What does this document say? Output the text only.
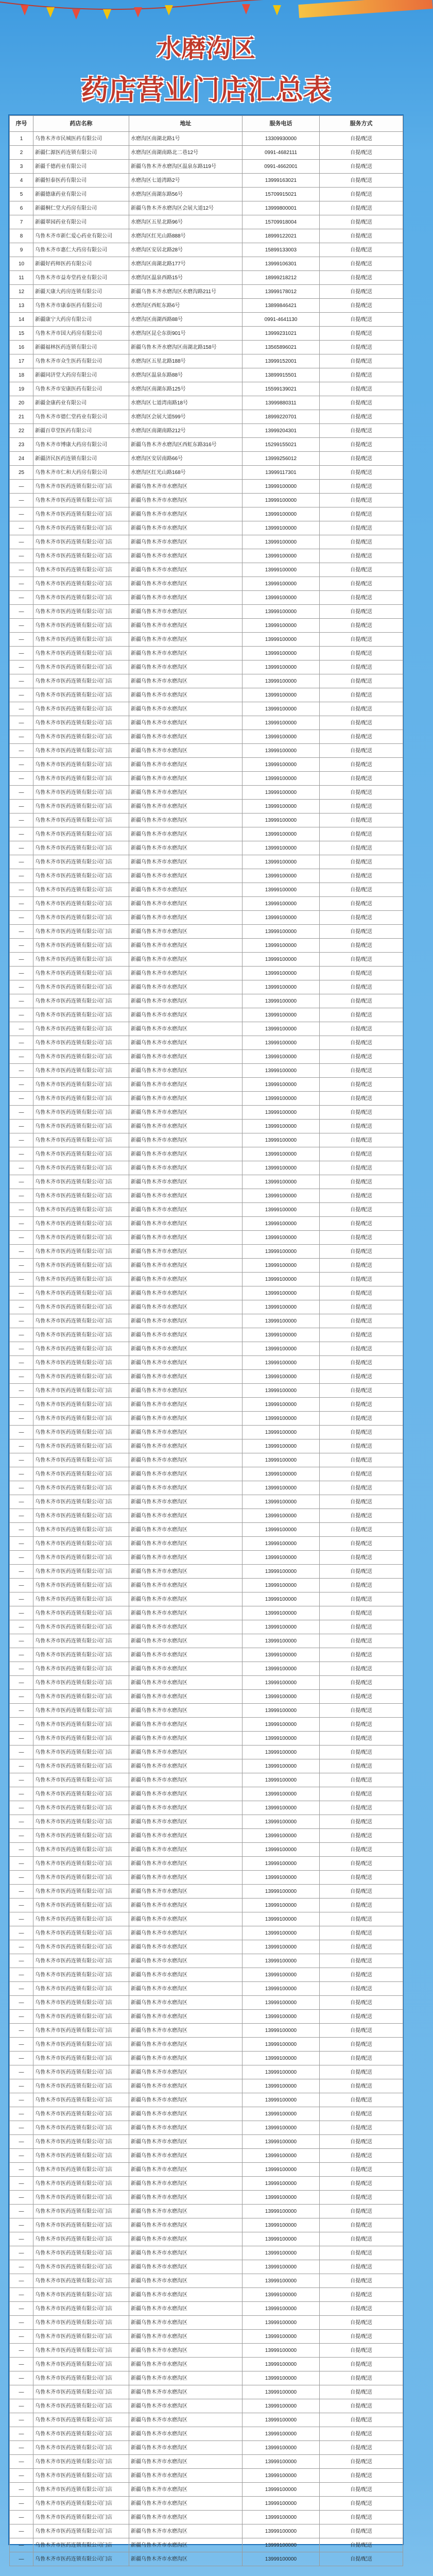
水磨沟区
药店营业门店汇总表
序号	药店名称	地址	服务电话	服务方式
1	乌鲁木齐市民城医药有限公司	水磨沟区南湖北路1号	13309930000	自提/配送
2	新疆仁源医药连锁有限公司	水磨沟区南湖南路北二巷12号	0991-4682111	自提/配送
3	新疆千德药业有限公司	新疆乌鲁木齐水磨沟区温泉东路119号	0991-4662001	自提/配送
4	新疆恒泰医药有限公司	水磨沟区七道湾路2号	13999163021	自提/配送
5	新疆德康药业有限公司	水磨沟区南湖东路56号	15709915021	自提/配送
6	新疆桐仁堂大药房有限公司	新疆乌鲁木齐水磨沟区会展大道12号	13999800001	自提/配送
7	新疆翠园药业有限公司	水磨沟区五星北路96号	15709918004	自提/配送
8	乌鲁木齐市新仁爱心药业有限公司	水磨沟区红光山路888号	18999122021	自提/配送
9	乌鲁木齐市惠仁大药房有限公司	水磨沟区安居北路28号	15899133003	自提/配送
10	新疆好药师医药有限公司	水磨沟区南湖北路177号	13999106301	自提/配送
11	乌鲁木齐市益寿堂药业有限公司	水磨沟区温泉西路15号	18999218212	自提/配送
12	新疆天康大药房连锁有限公司	新疆乌鲁木齐水磨沟区水磨沟路211号	13999178012	自提/配送
13	乌鲁木齐市康泰医药有限公司	水磨沟区西虹东路6号	13899846421	自提/配送
14	新疆康宁大药房有限公司	水磨沟区南湖西路88号	0991-4641130	自提/配送
15	乌鲁木齐市国大药房有限公司	水磨沟区昆仑东街901号	13999231021	自提/配送
16	新疆福林医药连锁有限公司	新疆乌鲁木齐水磨沟区南湖北路158号	13565896021	自提/配送
17	乌鲁木齐市众生医药有限公司	水磨沟区五星北路188号	13999152001	自提/配送
18	新疆同济堂大药房有限公司	水磨沟区温泉东路88号	13899915501	自提/配送
19	乌鲁木齐市安康医药有限公司	水磨沟区南湖东路125号	15599139021	自提/配送
20	新疆金康药业有限公司	水磨沟区七道湾南路18号	13999880311	自提/配送
21	乌鲁木齐市德仁堂药业有限公司	水磨沟区会展大道599号	18999220701	自提/配送
22	新疆百草堂医药有限公司	水磨沟区南湖南路212号	13999204301	自提/配送
23	乌鲁木齐市博康大药房有限公司	新疆乌鲁木齐水磨沟区西虹东路316号	15299155021	自提/配送
24	新疆济民医药连锁有限公司	水磨沟区安居南路66号	13999256012	自提/配送
25	乌鲁木齐市仁和大药房有限公司	水磨沟区红光山路168号	13999117301	自提/配送
—	乌鲁木齐市医药连锁有限公司门店	新疆乌鲁木齐市水磨沟区	13999100000	自提/配送
—	乌鲁木齐市医药连锁有限公司门店	新疆乌鲁木齐市水磨沟区	13999100000	自提/配送
—	乌鲁木齐市医药连锁有限公司门店	新疆乌鲁木齐市水磨沟区	13999100000	自提/配送
—	乌鲁木齐市医药连锁有限公司门店	新疆乌鲁木齐市水磨沟区	13999100000	自提/配送
—	乌鲁木齐市医药连锁有限公司门店	新疆乌鲁木齐市水磨沟区	13999100000	自提/配送
—	乌鲁木齐市医药连锁有限公司门店	新疆乌鲁木齐市水磨沟区	13999100000	自提/配送
—	乌鲁木齐市医药连锁有限公司门店	新疆乌鲁木齐市水磨沟区	13999100000	自提/配送
—	乌鲁木齐市医药连锁有限公司门店	新疆乌鲁木齐市水磨沟区	13999100000	自提/配送
—	乌鲁木齐市医药连锁有限公司门店	新疆乌鲁木齐市水磨沟区	13999100000	自提/配送
—	乌鲁木齐市医药连锁有限公司门店	新疆乌鲁木齐市水磨沟区	13999100000	自提/配送
—	乌鲁木齐市医药连锁有限公司门店	新疆乌鲁木齐市水磨沟区	13999100000	自提/配送
—	乌鲁木齐市医药连锁有限公司门店	新疆乌鲁木齐市水磨沟区	13999100000	自提/配送
—	乌鲁木齐市医药连锁有限公司门店	新疆乌鲁木齐市水磨沟区	13999100000	自提/配送
—	乌鲁木齐市医药连锁有限公司门店	新疆乌鲁木齐市水磨沟区	13999100000	自提/配送
—	乌鲁木齐市医药连锁有限公司门店	新疆乌鲁木齐市水磨沟区	13999100000	自提/配送
—	乌鲁木齐市医药连锁有限公司门店	新疆乌鲁木齐市水磨沟区	13999100000	自提/配送
—	乌鲁木齐市医药连锁有限公司门店	新疆乌鲁木齐市水磨沟区	13999100000	自提/配送
—	乌鲁木齐市医药连锁有限公司门店	新疆乌鲁木齐市水磨沟区	13999100000	自提/配送
—	乌鲁木齐市医药连锁有限公司门店	新疆乌鲁木齐市水磨沟区	13999100000	自提/配送
—	乌鲁木齐市医药连锁有限公司门店	新疆乌鲁木齐市水磨沟区	13999100000	自提/配送
—	乌鲁木齐市医药连锁有限公司门店	新疆乌鲁木齐市水磨沟区	13999100000	自提/配送
—	乌鲁木齐市医药连锁有限公司门店	新疆乌鲁木齐市水磨沟区	13999100000	自提/配送
—	乌鲁木齐市医药连锁有限公司门店	新疆乌鲁木齐市水磨沟区	13999100000	自提/配送
—	乌鲁木齐市医药连锁有限公司门店	新疆乌鲁木齐市水磨沟区	13999100000	自提/配送
—	乌鲁木齐市医药连锁有限公司门店	新疆乌鲁木齐市水磨沟区	13999100000	自提/配送
—	乌鲁木齐市医药连锁有限公司门店	新疆乌鲁木齐市水磨沟区	13999100000	自提/配送
—	乌鲁木齐市医药连锁有限公司门店	新疆乌鲁木齐市水磨沟区	13999100000	自提/配送
—	乌鲁木齐市医药连锁有限公司门店	新疆乌鲁木齐市水磨沟区	13999100000	自提/配送
—	乌鲁木齐市医药连锁有限公司门店	新疆乌鲁木齐市水磨沟区	13999100000	自提/配送
—	乌鲁木齐市医药连锁有限公司门店	新疆乌鲁木齐市水磨沟区	13999100000	自提/配送
—	乌鲁木齐市医药连锁有限公司门店	新疆乌鲁木齐市水磨沟区	13999100000	自提/配送
—	乌鲁木齐市医药连锁有限公司门店	新疆乌鲁木齐市水磨沟区	13999100000	自提/配送
—	乌鲁木齐市医药连锁有限公司门店	新疆乌鲁木齐市水磨沟区	13999100000	自提/配送
—	乌鲁木齐市医药连锁有限公司门店	新疆乌鲁木齐市水磨沟区	13999100000	自提/配送
—	乌鲁木齐市医药连锁有限公司门店	新疆乌鲁木齐市水磨沟区	13999100000	自提/配送
—	乌鲁木齐市医药连锁有限公司门店	新疆乌鲁木齐市水磨沟区	13999100000	自提/配送
—	乌鲁木齐市医药连锁有限公司门店	新疆乌鲁木齐市水磨沟区	13999100000	自提/配送
—	乌鲁木齐市医药连锁有限公司门店	新疆乌鲁木齐市水磨沟区	13999100000	自提/配送
—	乌鲁木齐市医药连锁有限公司门店	新疆乌鲁木齐市水磨沟区	13999100000	自提/配送
—	乌鲁木齐市医药连锁有限公司门店	新疆乌鲁木齐市水磨沟区	13999100000	自提/配送
—	乌鲁木齐市医药连锁有限公司门店	新疆乌鲁木齐市水磨沟区	13999100000	自提/配送
—	乌鲁木齐市医药连锁有限公司门店	新疆乌鲁木齐市水磨沟区	13999100000	自提/配送
—	乌鲁木齐市医药连锁有限公司门店	新疆乌鲁木齐市水磨沟区	13999100000	自提/配送
—	乌鲁木齐市医药连锁有限公司门店	新疆乌鲁木齐市水磨沟区	13999100000	自提/配送
—	乌鲁木齐市医药连锁有限公司门店	新疆乌鲁木齐市水磨沟区	13999100000	自提/配送
—	乌鲁木齐市医药连锁有限公司门店	新疆乌鲁木齐市水磨沟区	13999100000	自提/配送
—	乌鲁木齐市医药连锁有限公司门店	新疆乌鲁木齐市水磨沟区	13999100000	自提/配送
—	乌鲁木齐市医药连锁有限公司门店	新疆乌鲁木齐市水磨沟区	13999100000	自提/配送
—	乌鲁木齐市医药连锁有限公司门店	新疆乌鲁木齐市水磨沟区	13999100000	自提/配送
—	乌鲁木齐市医药连锁有限公司门店	新疆乌鲁木齐市水磨沟区	13999100000	自提/配送
—	乌鲁木齐市医药连锁有限公司门店	新疆乌鲁木齐市水磨沟区	13999100000	自提/配送
—	乌鲁木齐市医药连锁有限公司门店	新疆乌鲁木齐市水磨沟区	13999100000	自提/配送
—	乌鲁木齐市医药连锁有限公司门店	新疆乌鲁木齐市水磨沟区	13999100000	自提/配送
—	乌鲁木齐市医药连锁有限公司门店	新疆乌鲁木齐市水磨沟区	13999100000	自提/配送
—	乌鲁木齐市医药连锁有限公司门店	新疆乌鲁木齐市水磨沟区	13999100000	自提/配送
—	乌鲁木齐市医药连锁有限公司门店	新疆乌鲁木齐市水磨沟区	13999100000	自提/配送
—	乌鲁木齐市医药连锁有限公司门店	新疆乌鲁木齐市水磨沟区	13999100000	自提/配送
—	乌鲁木齐市医药连锁有限公司门店	新疆乌鲁木齐市水磨沟区	13999100000	自提/配送
—	乌鲁木齐市医药连锁有限公司门店	新疆乌鲁木齐市水磨沟区	13999100000	自提/配送
—	乌鲁木齐市医药连锁有限公司门店	新疆乌鲁木齐市水磨沟区	13999100000	自提/配送
—	乌鲁木齐市医药连锁有限公司门店	新疆乌鲁木齐市水磨沟区	13999100000	自提/配送
—	乌鲁木齐市医药连锁有限公司门店	新疆乌鲁木齐市水磨沟区	13999100000	自提/配送
—	乌鲁木齐市医药连锁有限公司门店	新疆乌鲁木齐市水磨沟区	13999100000	自提/配送
—	乌鲁木齐市医药连锁有限公司门店	新疆乌鲁木齐市水磨沟区	13999100000	自提/配送
—	乌鲁木齐市医药连锁有限公司门店	新疆乌鲁木齐市水磨沟区	13999100000	自提/配送
—	乌鲁木齐市医药连锁有限公司门店	新疆乌鲁木齐市水磨沟区	13999100000	自提/配送
—	乌鲁木齐市医药连锁有限公司门店	新疆乌鲁木齐市水磨沟区	13999100000	自提/配送
—	乌鲁木齐市医药连锁有限公司门店	新疆乌鲁木齐市水磨沟区	13999100000	自提/配送
—	乌鲁木齐市医药连锁有限公司门店	新疆乌鲁木齐市水磨沟区	13999100000	自提/配送
—	乌鲁木齐市医药连锁有限公司门店	新疆乌鲁木齐市水磨沟区	13999100000	自提/配送
—	乌鲁木齐市医药连锁有限公司门店	新疆乌鲁木齐市水磨沟区	13999100000	自提/配送
—	乌鲁木齐市医药连锁有限公司门店	新疆乌鲁木齐市水磨沟区	13999100000	自提/配送
—	乌鲁木齐市医药连锁有限公司门店	新疆乌鲁木齐市水磨沟区	13999100000	自提/配送
—	乌鲁木齐市医药连锁有限公司门店	新疆乌鲁木齐市水磨沟区	13999100000	自提/配送
—	乌鲁木齐市医药连锁有限公司门店	新疆乌鲁木齐市水磨沟区	13999100000	自提/配送
—	乌鲁木齐市医药连锁有限公司门店	新疆乌鲁木齐市水磨沟区	13999100000	自提/配送
—	乌鲁木齐市医药连锁有限公司门店	新疆乌鲁木齐市水磨沟区	13999100000	自提/配送
—	乌鲁木齐市医药连锁有限公司门店	新疆乌鲁木齐市水磨沟区	13999100000	自提/配送
—	乌鲁木齐市医药连锁有限公司门店	新疆乌鲁木齐市水磨沟区	13999100000	自提/配送
—	乌鲁木齐市医药连锁有限公司门店	新疆乌鲁木齐市水磨沟区	13999100000	自提/配送
—	乌鲁木齐市医药连锁有限公司门店	新疆乌鲁木齐市水磨沟区	13999100000	自提/配送
—	乌鲁木齐市医药连锁有限公司门店	新疆乌鲁木齐市水磨沟区	13999100000	自提/配送
—	乌鲁木齐市医药连锁有限公司门店	新疆乌鲁木齐市水磨沟区	13999100000	自提/配送
—	乌鲁木齐市医药连锁有限公司门店	新疆乌鲁木齐市水磨沟区	13999100000	自提/配送
—	乌鲁木齐市医药连锁有限公司门店	新疆乌鲁木齐市水磨沟区	13999100000	自提/配送
—	乌鲁木齐市医药连锁有限公司门店	新疆乌鲁木齐市水磨沟区	13999100000	自提/配送
—	乌鲁木齐市医药连锁有限公司门店	新疆乌鲁木齐市水磨沟区	13999100000	自提/配送
—	乌鲁木齐市医药连锁有限公司门店	新疆乌鲁木齐市水磨沟区	13999100000	自提/配送
—	乌鲁木齐市医药连锁有限公司门店	新疆乌鲁木齐市水磨沟区	13999100000	自提/配送
—	乌鲁木齐市医药连锁有限公司门店	新疆乌鲁木齐市水磨沟区	13999100000	自提/配送
—	乌鲁木齐市医药连锁有限公司门店	新疆乌鲁木齐市水磨沟区	13999100000	自提/配送
—	乌鲁木齐市医药连锁有限公司门店	新疆乌鲁木齐市水磨沟区	13999100000	自提/配送
—	乌鲁木齐市医药连锁有限公司门店	新疆乌鲁木齐市水磨沟区	13999100000	自提/配送
—	乌鲁木齐市医药连锁有限公司门店	新疆乌鲁木齐市水磨沟区	13999100000	自提/配送
—	乌鲁木齐市医药连锁有限公司门店	新疆乌鲁木齐市水磨沟区	13999100000	自提/配送
—	乌鲁木齐市医药连锁有限公司门店	新疆乌鲁木齐市水磨沟区	13999100000	自提/配送
—	乌鲁木齐市医药连锁有限公司门店	新疆乌鲁木齐市水磨沟区	13999100000	自提/配送
—	乌鲁木齐市医药连锁有限公司门店	新疆乌鲁木齐市水磨沟区	13999100000	自提/配送
—	乌鲁木齐市医药连锁有限公司门店	新疆乌鲁木齐市水磨沟区	13999100000	自提/配送
—	乌鲁木齐市医药连锁有限公司门店	新疆乌鲁木齐市水磨沟区	13999100000	自提/配送
—	乌鲁木齐市医药连锁有限公司门店	新疆乌鲁木齐市水磨沟区	13999100000	自提/配送
—	乌鲁木齐市医药连锁有限公司门店	新疆乌鲁木齐市水磨沟区	13999100000	自提/配送
—	乌鲁木齐市医药连锁有限公司门店	新疆乌鲁木齐市水磨沟区	13999100000	自提/配送
—	乌鲁木齐市医药连锁有限公司门店	新疆乌鲁木齐市水磨沟区	13999100000	自提/配送
—	乌鲁木齐市医药连锁有限公司门店	新疆乌鲁木齐市水磨沟区	13999100000	自提/配送
—	乌鲁木齐市医药连锁有限公司门店	新疆乌鲁木齐市水磨沟区	13999100000	自提/配送
—	乌鲁木齐市医药连锁有限公司门店	新疆乌鲁木齐市水磨沟区	13999100000	自提/配送
—	乌鲁木齐市医药连锁有限公司门店	新疆乌鲁木齐市水磨沟区	13999100000	自提/配送
—	乌鲁木齐市医药连锁有限公司门店	新疆乌鲁木齐市水磨沟区	13999100000	自提/配送
—	乌鲁木齐市医药连锁有限公司门店	新疆乌鲁木齐市水磨沟区	13999100000	自提/配送
—	乌鲁木齐市医药连锁有限公司门店	新疆乌鲁木齐市水磨沟区	13999100000	自提/配送
—	乌鲁木齐市医药连锁有限公司门店	新疆乌鲁木齐市水磨沟区	13999100000	自提/配送
—	乌鲁木齐市医药连锁有限公司门店	新疆乌鲁木齐市水磨沟区	13999100000	自提/配送
—	乌鲁木齐市医药连锁有限公司门店	新疆乌鲁木齐市水磨沟区	13999100000	自提/配送
—	乌鲁木齐市医药连锁有限公司门店	新疆乌鲁木齐市水磨沟区	13999100000	自提/配送
—	乌鲁木齐市医药连锁有限公司门店	新疆乌鲁木齐市水磨沟区	13999100000	自提/配送
—	乌鲁木齐市医药连锁有限公司门店	新疆乌鲁木齐市水磨沟区	13999100000	自提/配送
—	乌鲁木齐市医药连锁有限公司门店	新疆乌鲁木齐市水磨沟区	13999100000	自提/配送
—	乌鲁木齐市医药连锁有限公司门店	新疆乌鲁木齐市水磨沟区	13999100000	自提/配送
—	乌鲁木齐市医药连锁有限公司门店	新疆乌鲁木齐市水磨沟区	13999100000	自提/配送
—	乌鲁木齐市医药连锁有限公司门店	新疆乌鲁木齐市水磨沟区	13999100000	自提/配送
—	乌鲁木齐市医药连锁有限公司门店	新疆乌鲁木齐市水磨沟区	13999100000	自提/配送
—	乌鲁木齐市医药连锁有限公司门店	新疆乌鲁木齐市水磨沟区	13999100000	自提/配送
—	乌鲁木齐市医药连锁有限公司门店	新疆乌鲁木齐市水磨沟区	13999100000	自提/配送
—	乌鲁木齐市医药连锁有限公司门店	新疆乌鲁木齐市水磨沟区	13999100000	自提/配送
—	乌鲁木齐市医药连锁有限公司门店	新疆乌鲁木齐市水磨沟区	13999100000	自提/配送
—	乌鲁木齐市医药连锁有限公司门店	新疆乌鲁木齐市水磨沟区	13999100000	自提/配送
—	乌鲁木齐市医药连锁有限公司门店	新疆乌鲁木齐市水磨沟区	13999100000	自提/配送
—	乌鲁木齐市医药连锁有限公司门店	新疆乌鲁木齐市水磨沟区	13999100000	自提/配送
—	乌鲁木齐市医药连锁有限公司门店	新疆乌鲁木齐市水磨沟区	13999100000	自提/配送
—	乌鲁木齐市医药连锁有限公司门店	新疆乌鲁木齐市水磨沟区	13999100000	自提/配送
—	乌鲁木齐市医药连锁有限公司门店	新疆乌鲁木齐市水磨沟区	13999100000	自提/配送
—	乌鲁木齐市医药连锁有限公司门店	新疆乌鲁木齐市水磨沟区	13999100000	自提/配送
—	乌鲁木齐市医药连锁有限公司门店	新疆乌鲁木齐市水磨沟区	13999100000	自提/配送
—	乌鲁木齐市医药连锁有限公司门店	新疆乌鲁木齐市水磨沟区	13999100000	自提/配送
—	乌鲁木齐市医药连锁有限公司门店	新疆乌鲁木齐市水磨沟区	13999100000	自提/配送
—	乌鲁木齐市医药连锁有限公司门店	新疆乌鲁木齐市水磨沟区	13999100000	自提/配送
—	乌鲁木齐市医药连锁有限公司门店	新疆乌鲁木齐市水磨沟区	13999100000	自提/配送
—	乌鲁木齐市医药连锁有限公司门店	新疆乌鲁木齐市水磨沟区	13999100000	自提/配送
—	乌鲁木齐市医药连锁有限公司门店	新疆乌鲁木齐市水磨沟区	13999100000	自提/配送
—	乌鲁木齐市医药连锁有限公司门店	新疆乌鲁木齐市水磨沟区	13999100000	自提/配送
—	乌鲁木齐市医药连锁有限公司门店	新疆乌鲁木齐市水磨沟区	13999100000	自提/配送
—	乌鲁木齐市医药连锁有限公司门店	新疆乌鲁木齐市水磨沟区	13999100000	自提/配送
—	乌鲁木齐市医药连锁有限公司门店	新疆乌鲁木齐市水磨沟区	13999100000	自提/配送
—	乌鲁木齐市医药连锁有限公司门店	新疆乌鲁木齐市水磨沟区	13999100000	自提/配送
—	乌鲁木齐市医药连锁有限公司门店	新疆乌鲁木齐市水磨沟区	13999100000	自提/配送
—	乌鲁木齐市医药连锁有限公司门店	新疆乌鲁木齐市水磨沟区	13999100000	自提/配送
—	乌鲁木齐市医药连锁有限公司门店	新疆乌鲁木齐市水磨沟区	13999100000	自提/配送
—	乌鲁木齐市医药连锁有限公司门店	新疆乌鲁木齐市水磨沟区	13999100000	自提/配送
—	乌鲁木齐市医药连锁有限公司门店	新疆乌鲁木齐市水磨沟区	13999100000	自提/配送
